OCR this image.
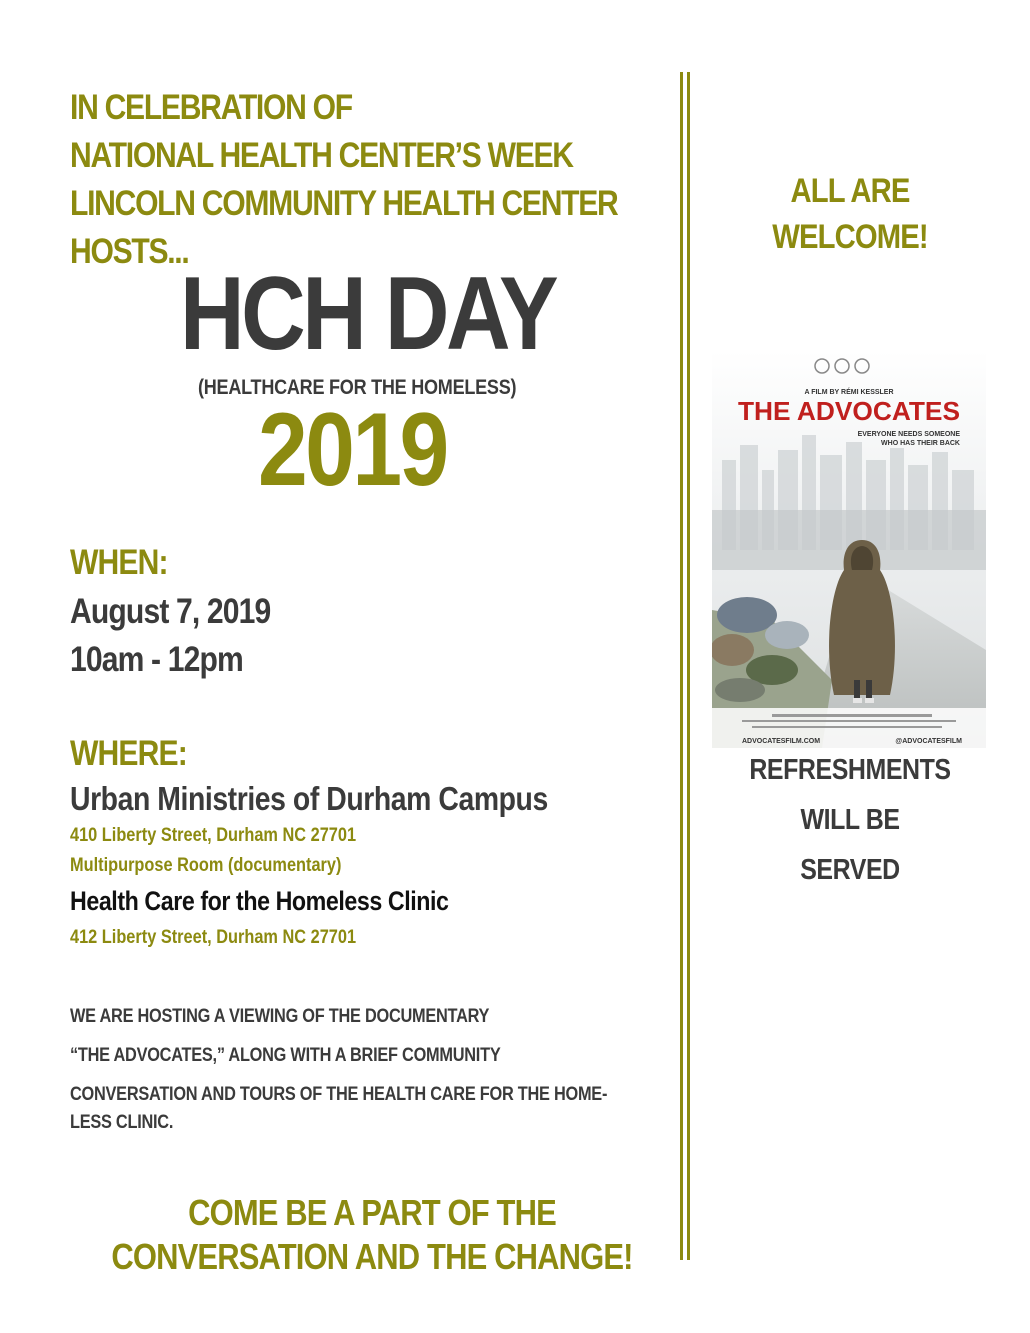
IN CELEBRATION OF
NATIONAL HEALTH CENTER’S WEEK
LINCOLN COMMUNITY HEALTH CENTER
HOSTS...
HCH DAY
(HEALTHCARE FOR THE HOMELESS)
2019
WHEN:
August 7, 2019
10am - 12pm
WHERE:
Urban Ministries of Durham Campus
410 Liberty Street, Durham NC 27701
Multipurpose Room (documentary)
Health Care for the Homeless Clinic
412 Liberty Street, Durham NC 27701
WE ARE HOSTING A VIEWING OF THE DOCUMENTARY
“THE ADVOCATES,” ALONG WITH A BRIEF COMMUNITY
CONVERSATION AND TOURS OF THE HEALTH CARE FOR THE HOME-
LESS CLINIC.
COME BE A PART OF THE
CONVERSATION AND THE CHANGE!
ALL ARE
WELCOME!
A FILM BY RÉMI KESSLER
THE ADVOCATES
EVERYONE NEEDS SOMEONE
WHO HAS THEIR BACK
ADVOCATESFILM.COM	@ADVOCATESFILM
REFRESHMENTS
WILL BE
SERVED
